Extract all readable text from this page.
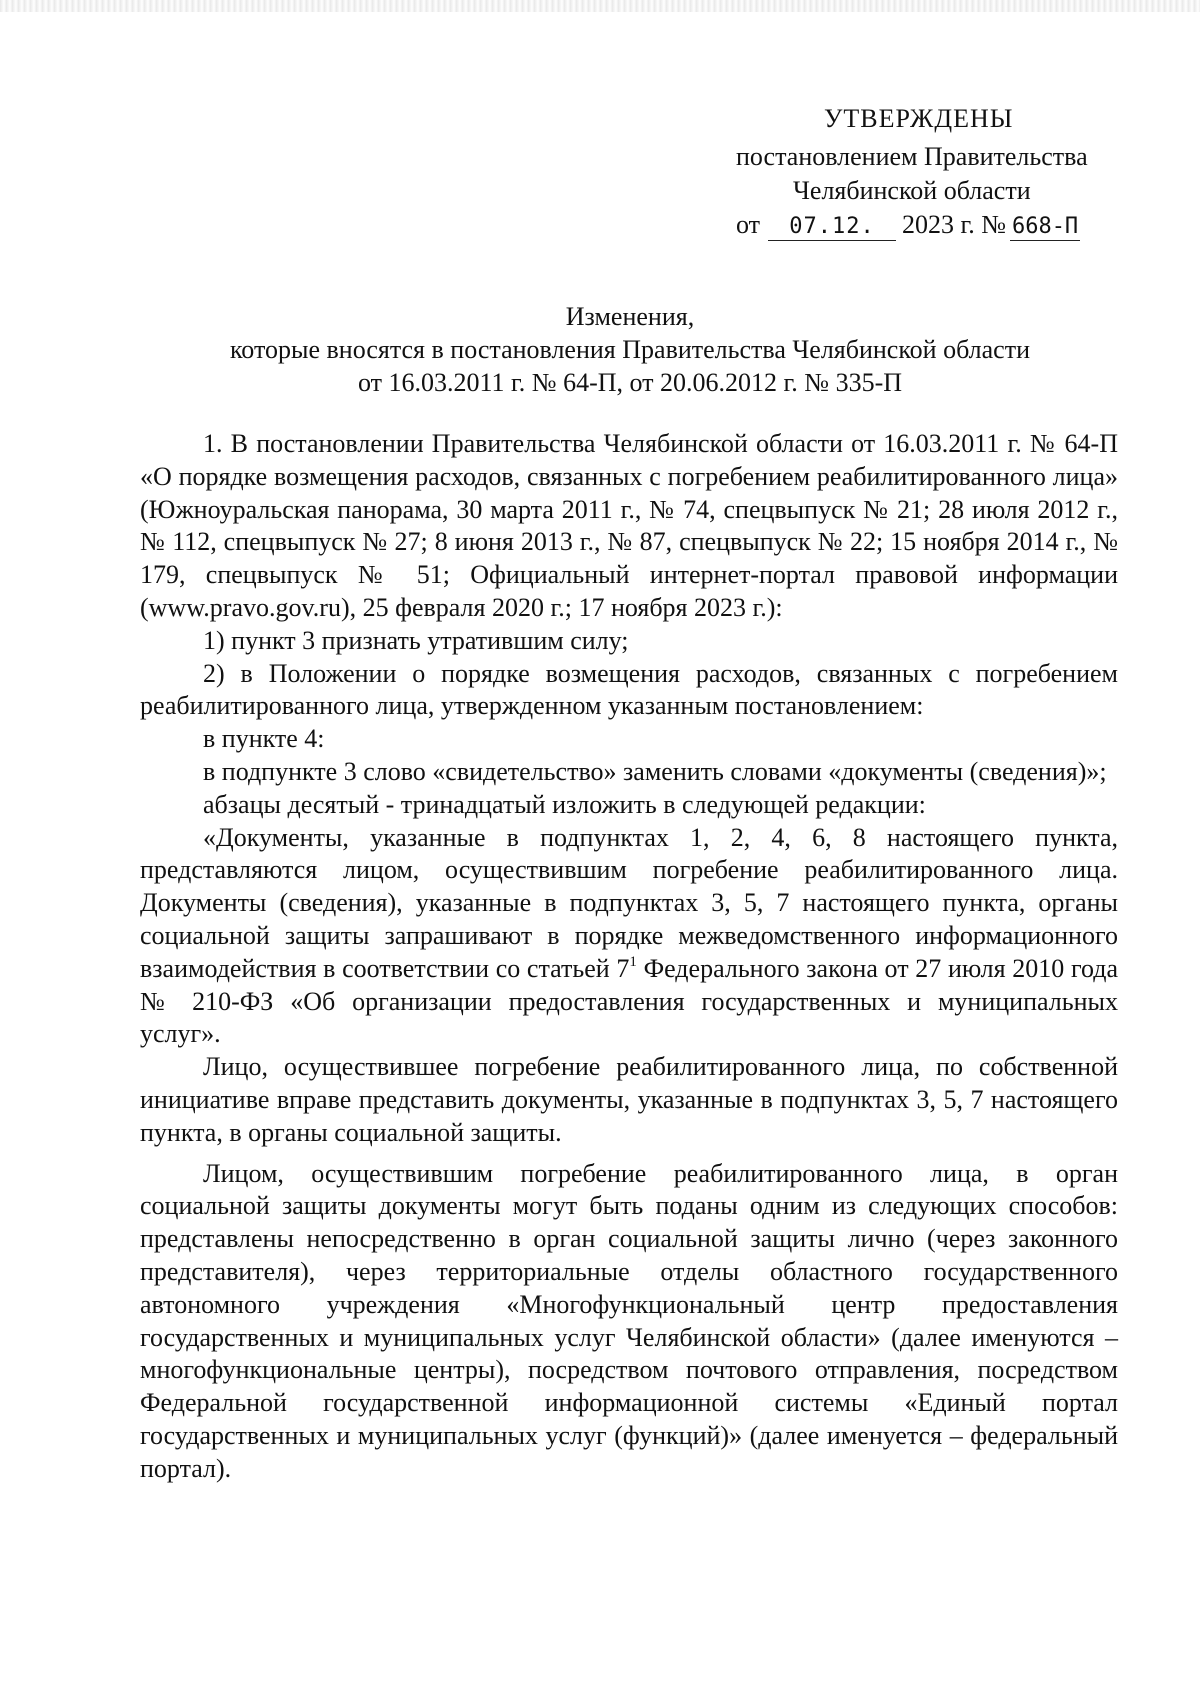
УТВЕРЖДЕНЫ
постановлением Правительства
Челябинской области
от	07.12.	2023 г. № 668-П
Изменения,
которые вносятся в постановления Правительства Челябинской области
от 16.03.2011 г. № 64-П, от 20.06.2012 г. № 335-П

1. В постановлении Правительства Челябинской области от 16.03.2011 г. № 64-П «О порядке возмещения расходов, связанных с погребением реабилитированного лица» (Южноуральская панорама, 30 марта 2011 г., № 74, спецвыпуск № 21; 28 июля 2012 г., № 112, спецвыпуск № 27; 8 июня 2013 г., № 87, спецвыпуск № 22; 15 ноября 2014 г., № 179, спецвыпуск № 51; Официальный интернет-портал правовой информации (www.pravo.gov.ru), 25 февраля 2020 г.; 17 ноября 2023 г.):

1) пункт 3 признать утратившим силу;

2) в Положении о порядке возмещения расходов, связанных с погребением реабилитированного лица, утвержденном указанным постановлением:

в пункте 4:

в подпункте 3 слово «свидетельство» заменить словами «документы (сведения)»;

абзацы десятый - тринадцатый изложить в следующей редакции:

«Документы, указанные в подпунктах 1, 2, 4, 6, 8 настоящего пункта, представляются лицом, осуществившим погребение реабилитированного лица. Документы (сведения), указанные в подпунктах 3, 5, 7 настоящего пункта, органы социальной защиты запрашивают в порядке межведомственного информационного взаимодействия в соответствии со статьей $7^1$ Федерального закона от 27 июля 2010 года № 210-ФЗ «Об организации предоставления государственных и муниципальных услуг».

Лицо, осуществившее погребение реабилитированного лица, по собственной инициативе вправе представить документы, указанные в подпунктах 3, 5, 7 настоящего пункта, в органы социальной защиты.

Лицом, осуществившим погребение реабилитированного лица, в орган социальной защиты документы могут быть поданы одним из следующих способов: представлены непосредственно в орган социальной защиты лично (через законного представителя), через территориальные отделы областного государственного автономного учреждения «Многофункциональный центр предоставления государственных и муниципальных услуг Челябинской области» (далее именуются – многофункциональные центры), посредством почтового отправления, посредством Федеральной государственной информационной системы «Единый портал государственных и муниципальных услуг (функций)» (далее именуется – федеральный портал).
